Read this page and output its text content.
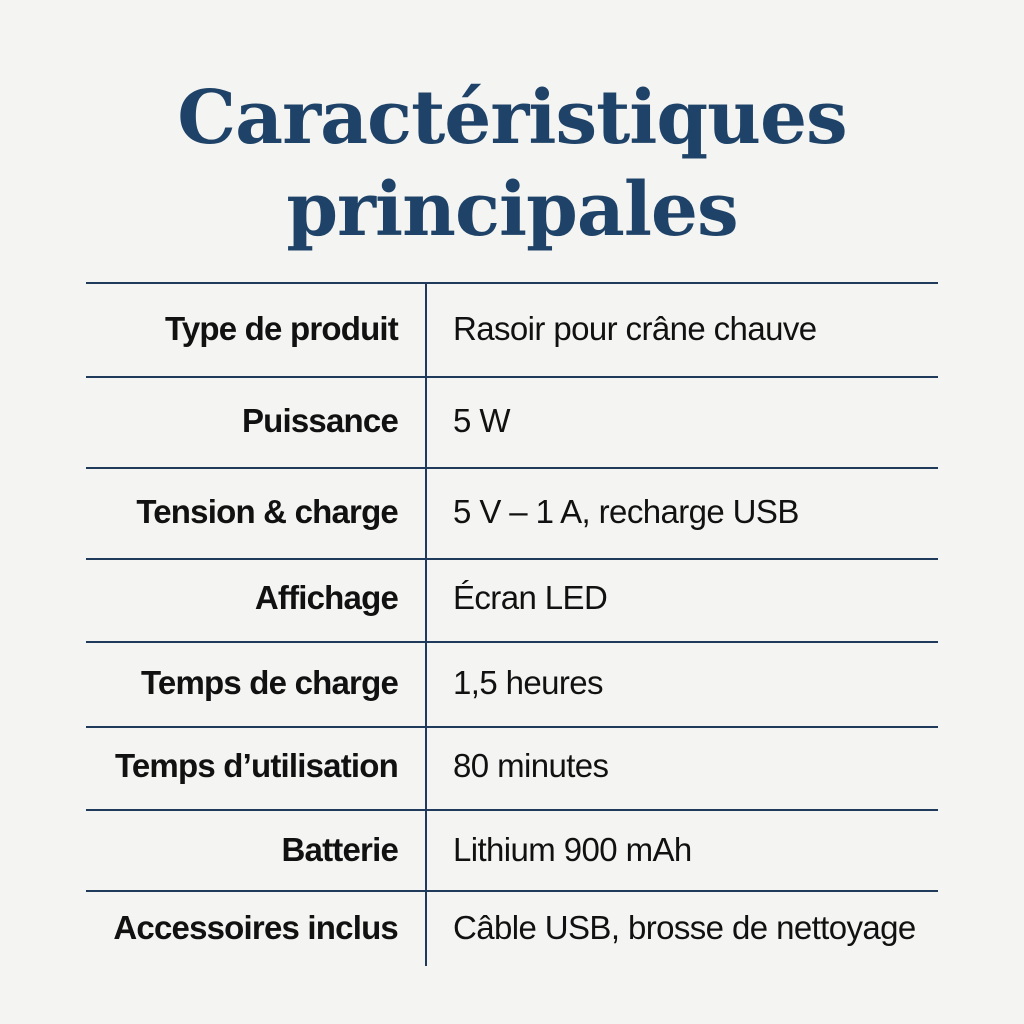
Caractéristiques
principales
Type de produit Rasoir pour crâne chauve
Puissance 5 W
Tension & charge 5 V – 1 A, recharge USB
Affichage Écran LED
Temps de charge 1,5 heures
Temps d’utilisation 80 minutes
Batterie Lithium 900 mAh
Accessoires inclus Câble USB, brosse de nettoyage
